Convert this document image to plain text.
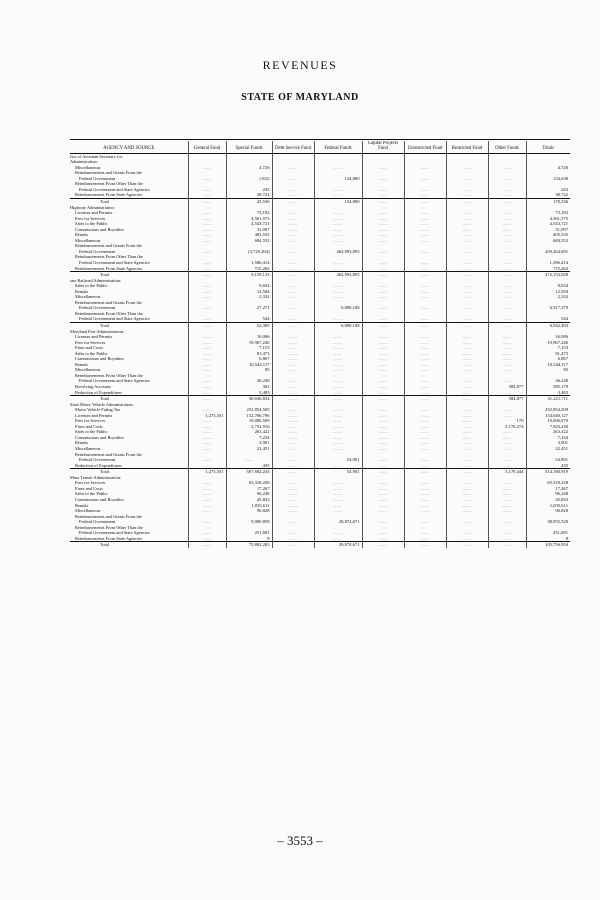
REVENUES
STATE OF MARYLAND
AGENCY AND SOURCE	General Fund	Special Funds	Debt Service Fund	Federal Funds	Capital Projects Fund	Unrestricted Fund	Restricted Fund	Other Funds	Totals
fice of Assistant Secretary for									
Administration:									
Miscellaneous	......	4,726	......	......	......	......	......	......	4,726
Reimbursements and Grants From the									
Federal Government	......	(162)	......	134,800	......	......	......	......	134,638
Reimbursements From Other Than the									
Federal Government and State Agencies	......	243	......	......	......	......	......	......	243
Reimbursements From State Agencies	......	38,722	......	......	......	......	......	......	38,722
Total	......	43,536	......	134,800	......	......	......	......	178,336
Highway Administration:									
Licenses and Permits	......	73,182	......	......	......	......	......	......	73,182
Fees for Services	......	4,561,575	......	......	......	......	......	......	4,561,575
Sales to the Public	......	4,543,721	......	......	......	......	......	......	4,543,721
Commissions and Royalties	......	31,097	......	......	......	......	......	......	31,097
Rentals	......	405,535	......	......	......	......	......	......	405,535
Miscellaneous	......	684,552	......	......	......	......	......	......	684,552
Reimbursements and Grants From the									
Federal Government	......	(3,729,204)	......	462,993,895	......	......	......	......	459,264,691
Reimbursements From Other Than the									
Federal Government and State Agencies	......	1,586,414	......	......	......	......	......	......	1,586,414
Reimbursements From State Agencies	......	715,262	......	......	......	......	......	......	715,262
Total	......	9,159,133	......	462,993,895	......	......	......	......	472,153,028
tate Railroad Administration:									
Sales to the Public	......	9,654	......	......	......	......	......	......	9,654
Rentals	......	12,584	......	......	......	......	......	......	12,584
Miscellaneous	......	2,332	......	......	......	......	......	......	2,332
Reimbursements and Grants From the									
Federal Government	......	27,271	......	6,890,108	......	......	......	......	6,917,379
Reimbursements From Other Than the									
Federal Government and State Agencies	......	544	......	......	......	......	......	......	544
Total	......	52,385	......	6,890,108	......	......	......	......	6,942,493
Maryland Port Administration:									
Licenses and Permits	......	16,086	......	......	......	......	......	......	16,086
Fees for Services	......	19,967,246	......	......	......	......	......	......	19,967,246
Fines and Costs	......	7,153	......	......	......	......	......	......	7,153
Sales to the Public	......	81,473	......	......	......	......	......	......	81,473
Commissions and Royalties	......	6,867	......	......	......	......	......	......	6,867
Rentals	......	10,544,117	......	......	......	......	......	......	10,544,117
Miscellaneous	......	85	......	......	......	......	......	......	85
Reimbursements From Other Than the									
Federal Government and State Agencies	......	36,248	......	......	......	......	......	......	36,248
Revolving Accounts	......	302	......	......	......	......	......	584,877	585,179
Reduction of Expenditures	......	3,483	......	......	......	......	......	......	3,483
Total	......	30,636,834	......	......	......	......	......	584,877	31,221,711
State Motor Vehicle Administration:									
Motor Vehicle Fuling Tax	......	252,854,509	......	......	......	......	......	......	252,854,509
Licenses and Permits	1,273,351	152,766,796	......	......	......	......	......	......	154,040,127
Fees for Services	......	19,006,509	......	......	......	......	......	170	19,006,679
Fines and Costs	......	2,752,916	......	......	......	......	......	5,170,274	7,923,230
Sales to the Public	......	263,422	......	......	......	......	......	......	263,422
Commissions and Royalties	......	7,234	......	......	......	......	......	......	7,234
Rentals	......	3,901	......	......	......	......	......	......	3,901
Miscellaneous	......	22,451	......	......	......	......	......	......	22,451
Reimbursements and Grants From the									
Federal Government	......	......	......	54,901	......	......	......	......	54,901
Reduction of Expenditures	......	435	......	......	......	......	......	......	435
Total	1,273,351	507,682,243	......	54,901	......	......	......	5,170,444	514,180,919
Mass Transit Administration:									
Fees for Services	......	65,318,258	......	......	......	......	......	......	65,318,258
Fines and Costs	......	17,267	......	......	......	......	......	......	17,267
Sales to the Public	......	96,248	......	......	......	......	......	......	96,248
Commissions and Royalties	......	45,833	......	......	......	......	......	......	45,833
Rentals	......	1,035,611	......	......	......	......	......	......	1,035,611
Miscellaneous	......	96,828	......	......	......	......	......	......	96,828
Reimbursements and Grants From the									
Federal Government	......	9,080,858	......	29,874,671	......	......	......	......	38,955,529
Reimbursements From Other Than the									
Federal Government and State Agencies	......	251,681	......	......	......	......	......	......	251,681
Reimbursements From State Agencies	......	8	......	......	......	......	......	......	8
Total	......	75,882,283	......	29,874,671	......	......	......	......	105,756,954
– 3553 –
